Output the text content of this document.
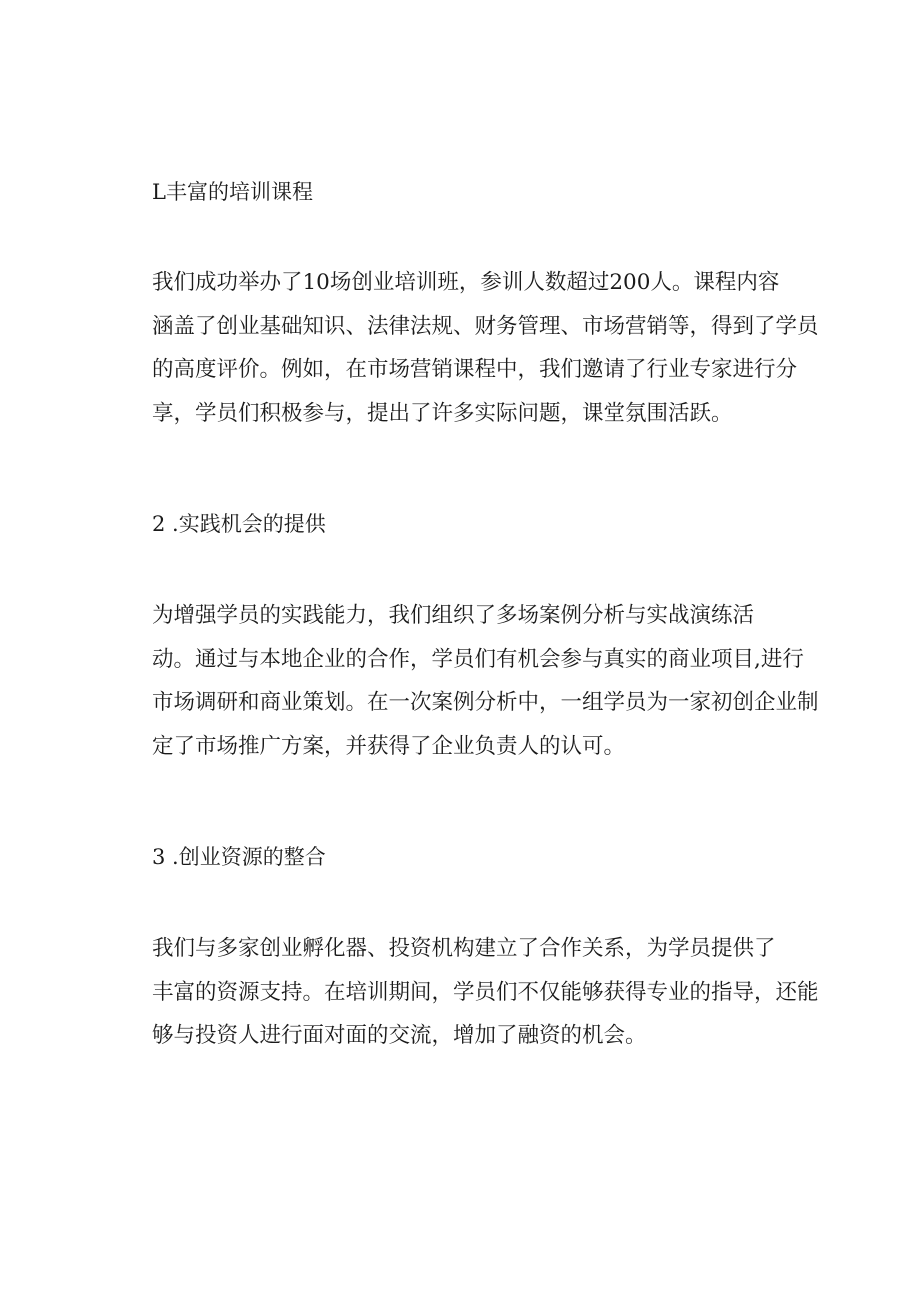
L丰富的培训课程
我们成功举办了10场创业培训班，参训人数超过200人。课程内容
涵盖了创业基础知识、法律法规、财务管理、市场营销等，得到了学员
的高度评价。例如，在市场营销课程中，我们邀请了行业专家进行分
享，学员们积极参与，提出了许多实际问题，课堂氛围活跃。
2 .实践机会的提供
为增强学员的实践能力，我们组织了多场案例分析与实战演练活
动。通过与本地企业的合作，学员们有机会参与真实的商业项目,进行
市场调研和商业策划。在一次案例分析中，一组学员为一家初创企业制
定了市场推广方案，并获得了企业负责人的认可。
3 .创业资源的整合
我们与多家创业孵化器、投资机构建立了合作关系，为学员提供了
丰富的资源支持。在培训期间，学员们不仅能够获得专业的指导，还能
够与投资人进行面对面的交流，增加了融资的机会。
